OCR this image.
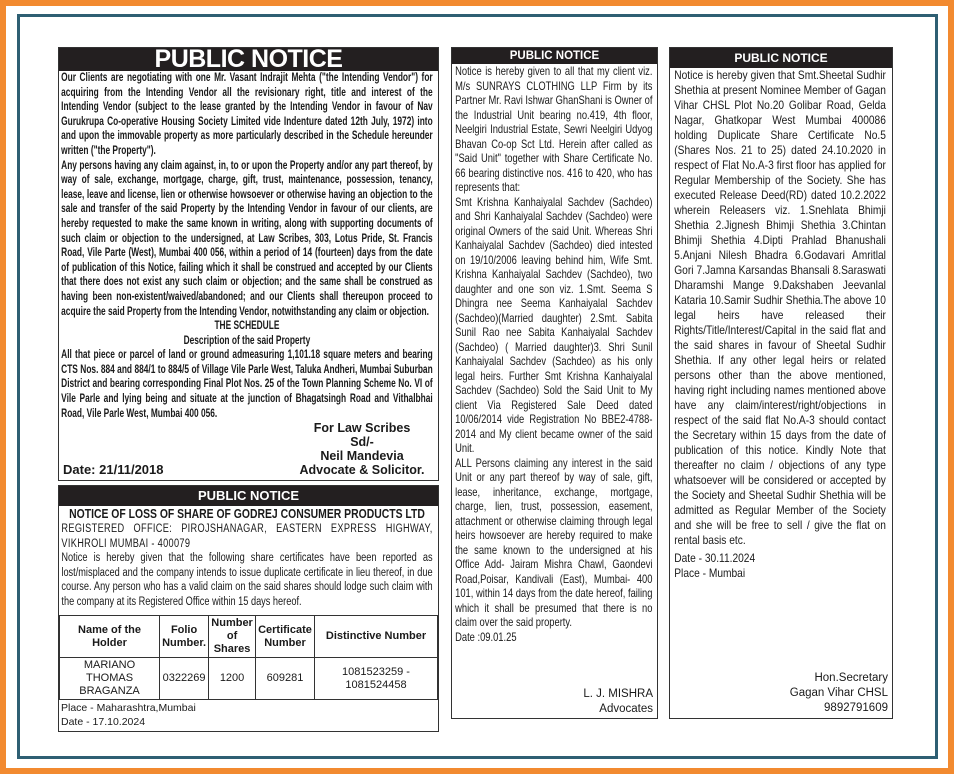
PUBLIC NOTICE

Our Clients are negotiating with one Mr. Vasant Indrajit Mehta ("the Intending Vendor") for acquiring from the Intending Vendor all the revisionary right, title and interest of the Intending Vendor (subject to the lease granted by the Intending Vendor in favour of Nav Gurukrupa Co-operative Housing Society Limited vide Indenture dated 12th July, 1972) into and upon the immovable property as more particularly described in the Schedule hereunder written ("the Property").

Any persons having any claim against, in, to or upon the Property and/or any part thereof, by way of sale, exchange, mortgage, charge, gift, trust, maintenance, possession, tenancy, lease, leave and license, lien or otherwise howsoever or otherwise having an objection to the sale and transfer of the said Property by the Intending Vendor in favour of our clients, are hereby requested to make the same known in writing, along with supporting documents of such claim or objection to the undersigned, at Law Scribes, 303, Lotus Pride, St. Francis Road, Vile Parte (West), Mumbai 400 056, within a period of 14 (fourteen) days from the date of publication of this Notice, failing which it shall be construed and accepted by our Clients that there does not exist any such claim or objection; and the same shall be construed as having been non-existent/waived/abandoned; and our Clients shall thereupon proceed to acquire the said Property from the Intending Vendor, notwithstanding any claim or objection.

THE SCHEDULE
Description of the said Property

All that piece or parcel of land or ground admeasuring 1,101.18 square meters and bearing CTS Nos. 884 and 884/1 to 884/5 of Village Vile Parle West, Taluka Andheri, Mumbai Suburban District and bearing corresponding Final Plot Nos. 25 of the Town Planning Scheme No. VI of Vile Parle and lying being and situate at the junction of Bhagatsingh Road and Vithalbhai Road, Vile Parle West, Mumbai 400 056.

Date: 21/11/2018
For Law Scribes
Sd/-
Neil Mandevia
Advocate & Solicitor.
PUBLIC NOTICE
NOTICE OF LOSS OF SHARE OF GODREJ CONSUMER PRODUCTS LTD

REGISTERED OFFICE: PIROJSHANAGAR, EASTERN EXPRESS HIGHWAY, VIKHROLI MUMBAI - 400079

Notice is hereby given that the following share certificates have been reported as lost/misplaced and the company intends to issue duplicate certificate in lieu thereof, in due course. Any person who has a valid claim on the said shares should lodge such claim with the company at its Registered Office within 15 days hereof.

Name of the Holder	Folio Number.	Number of Shares	Certificate Number	Distinctive Number
MARIANO THOMAS BRAGANZA	0322269	1200	609281	1081523259 - 1081524458
Place - Maharashtra,Mumbai
Date - 17.10.2024
PUBLIC NOTICE

Notice is hereby given to all that my client viz. M/s SUNRAYS CLOTHING LLP Firm by its Partner Mr. Ravi Ishwar GhanShani is Owner of the Industrial Unit bearing no.419, 4th floor, Neelgiri Industrial Estate, Sewri Neelgiri Udyog Bhavan Co-op Sct Ltd. Herein after called as "Said Unit" together with Share Certificate No. 66 bearing distinctive nos. 416 to 420, who has represents that:

Smt Krishna Kanhaiyalal Sachdev (Sachdeo) and Shri Kanhaiyalal Sachdev (Sachdeo) were original Owners of the said Unit. Whereas Shri Kanhaiyalal Sachdev (Sachdeo) died intested on 19/10/2006 leaving behind him, Wife Smt. Krishna Kanhaiyalal Sachdev (Sachdeo), two daughter and one son viz. 1.Smt. Seema S Dhingra nee Seema Kanhaiyalal Sachdev (Sachdeo)(Married daughter) 2.Smt. Sabita Sunil Rao nee Sabita Kanhaiyalal Sachdev (Sachdeo) ( Married daughter)3. Shri Sunil Kanhaiyalal Sachdev (Sachdeo) as his only legal heirs. Further Smt Krishna Kanhaiyalal Sachdev (Sachdeo) Sold the Said Unit to My client Via Registered Sale Deed dated 10/06/2014 vide Registration No BBE2-4788-2014 and My client became owner of the said Unit.

ALL Persons claiming any interest in the said Unit or any part thereof by way of sale, gift, lease, inheritance, exchange, mortgage, charge, lien, trust, possession, easement, attachment or otherwise claiming through legal heirs howsoever are hereby required to make the same known to the undersigned at his Office Add- Jairam Mishra Chawl, Gaondevi Road,Poisar, Kandivali (East), Mumbai- 400 101, within 14 days from the date hereof, failing which it shall be presumed that there is no claim over the said property.

Date :09.01.25
L. J. MISHRA
Advocates
PUBLIC NOTICE

Notice is hereby given that Smt.Sheetal Sudhir Shethia at present Nominee Member of Gagan Vihar CHSL Plot No.20 Golibar Road, Gelda Nagar, Ghatkopar West Mumbai 400086 holding Duplicate Share Certificate No.5 (Shares Nos. 21 to 25) dated 24.10.2020 in respect of Flat No.A-3 first floor has applied for Regular Membership of the Society. She has executed Release Deed(RD) dated 10.2.2022 wherein Releasers viz. 1.Snehlata Bhimji Shethia 2.Jignesh Bhimji Shethia 3.Chintan Bhimji Shethia 4.Dipti Prahlad Bhanushali 5.Anjani Nilesh Bhadra 6.Godavari Amritlal Gori 7.Jamna Karsandas Bhansali 8.Saraswati Dharamshi Mange 9.Dakshaben Jeevanlal Kataria 10.Samir Sudhir Shethia.The above 10 legal heirs have released their Rights/Title/Interest/Capital in the said flat and the said shares in favour of Sheetal Sudhir Shethia. If any other legal heirs or related persons other than the above mentioned, having right including names mentioned above have any claim/interest/right/objections in respect of the said flat No.A-3 should contact the Secretary within 15 days from the date of publication of this notice. Kindly Note that thereafter no claim / objections of any type whatsoever will be considered or accepted by the Society and Sheetal Sudhir Shethia will be admitted as Regular Member of the Society and she will be free to sell / give the flat on rental basis etc.

Date - 30.11.2024
Place - Mumbai
Hon.Secretary
Gagan Vihar CHSL
9892791609
